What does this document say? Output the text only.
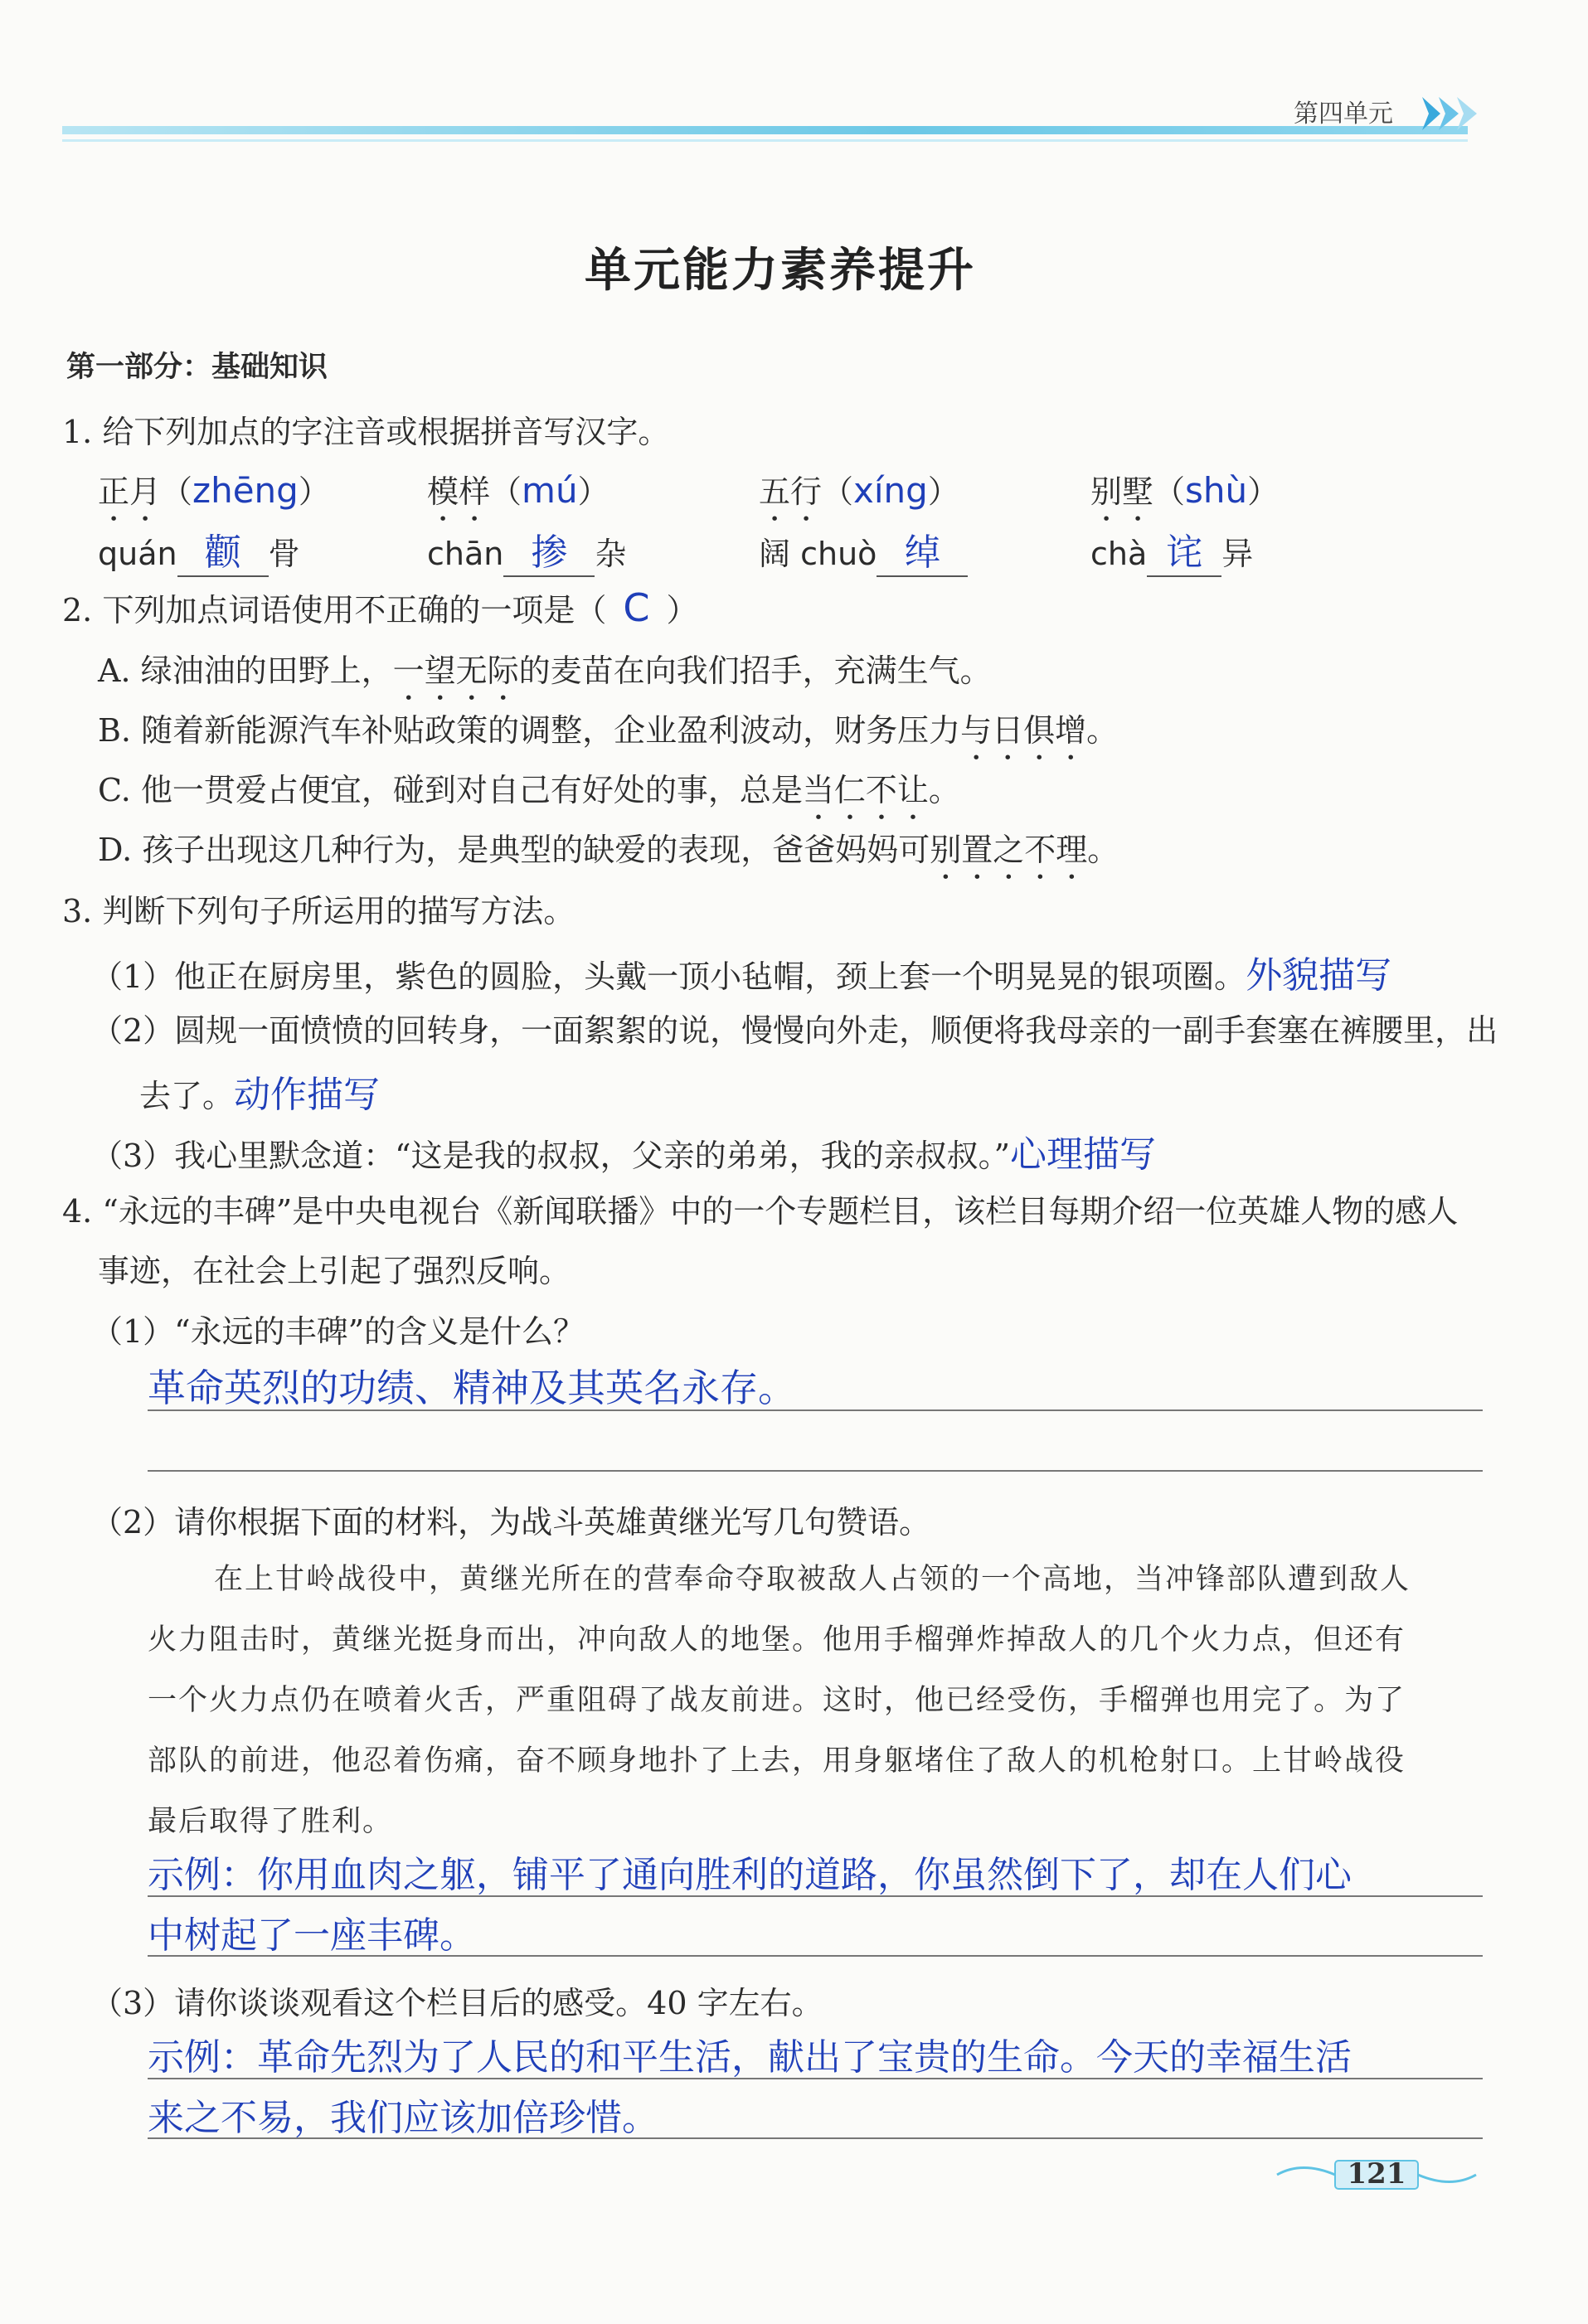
第四单元
单元能力素养提升
第一部分：基础知识
1. 给下列加点的字注音或根据拼音写汉字。
正月（zhēng）	模样（mú）	五行（xíng）	别墅（shù）
quán 颧 骨	chān 掺 杂	阔 chuò 绰	chà 诧 异
2. 下列加点词语使用不正确的一项是（ C ）
A. 绿油油的田野上，一望无际的麦苗在向我们招手，充满生气。
B. 随着新能源汽车补贴政策的调整，企业盈利波动，财务压力与日俱增。
C. 他一贯爱占便宜，碰到对自己有好处的事，总是当仁不让。
D. 孩子出现这几种行为，是典型的缺爱的表现，爸爸妈妈可别置之不理。
3. 判断下列句子所运用的描写方法。
（1）他正在厨房里，紫色的圆脸，头戴一顶小毡帽，颈上套一个明晃晃的银项圈。外貌描写
（2）圆规一面愤愤的回转身，一面絮絮的说，慢慢向外走，顺便将我母亲的一副手套塞在裤腰里，出
去了。动作描写
（3）我心里默念道：“这是我的叔叔，父亲的弟弟，我的亲叔叔。”心理描写
4. “永远的丰碑”是中央电视台《新闻联播》中的一个专题栏目，该栏目每期介绍一位英雄人物的感人
事迹，在社会上引起了强烈反响。
（1）“永远的丰碑”的含义是什么？
革命英烈的功绩、精神及其英名永存。
（2）请你根据下面的材料，为战斗英雄黄继光写几句赞语。
在上甘岭战役中，黄继光所在的营奉命夺取被敌人占领的一个高地，当冲锋部队遭到敌人
火力阻击时，黄继光挺身而出，冲向敌人的地堡。他用手榴弹炸掉敌人的几个火力点，但还有
一个火力点仍在喷着火舌，严重阻碍了战友前进。这时，他已经受伤，手榴弹也用完了。为了
部队的前进，他忍着伤痛，奋不顾身地扑了上去，用身躯堵住了敌人的机枪射口。上甘岭战役
最后取得了胜利。
示例：你用血肉之躯，铺平了通向胜利的道路，你虽然倒下了，却在人们心
中树起了一座丰碑。
（3）请你谈谈观看这个栏目后的感受。40 字左右。
示例：革命先烈为了人民的和平生活，献出了宝贵的生命。今天的幸福生活
来之不易，我们应该加倍珍惜。
121
